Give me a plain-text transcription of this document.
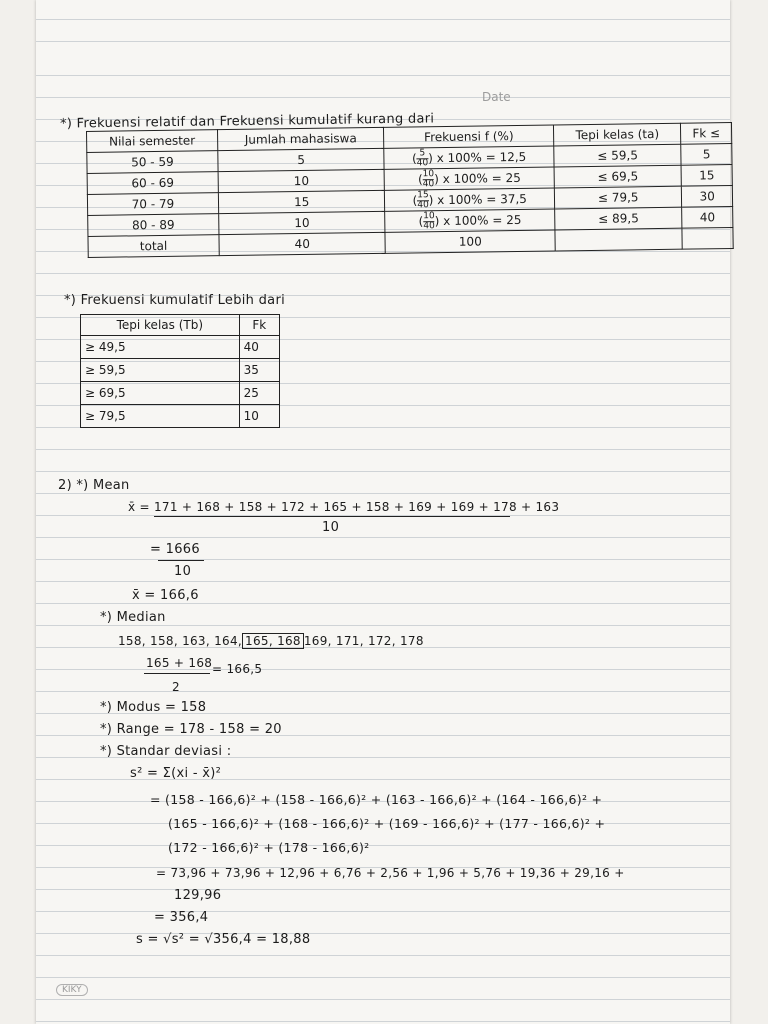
Date
*) Frekuensi relatif dan Frekuensi kumulatif kurang dari
Nilai semester	Jumlah mahasiswa	Frekuensi f (%)	Tepi kelas (ta)	Fk ≤
50 - 59	5	( $\frac{5}{40}$ ) x 100% = 12,5	≤ 59,5	5
60 - 69	10	( $\frac{10}{40}$ ) x 100% = 25	≤ 69,5	15
70 - 79	15	( $\frac{15}{40}$ ) x 100% = 37,5	≤ 79,5	30
80 - 89	10	( $\frac{10}{40}$ ) x 100% = 25	≤ 89,5	40
total	40	100		
*) Frekuensi kumulatif Lebih dari
Tepi kelas (Tb)	Fk
≥ 49,5	40
≥ 59,5	35
≥ 69,5	25
≥ 79,5	10
2) *) Mean
x̄ = 171 + 168 + 158 + 172 + 165 + 158 + 169 + 169 + 178 + 163
10
= 1666
10
x̄ = 166,6
*) Median
158, 158, 163, 164, 165, 168 169, 171, 172, 178
165 + 168 = 166,5
2
*) Modus = 158
*) Range = 178 - 158 = 20
*) Standar deviasi :
s² = Σ(xi - x̄)²
= (158 - 166,6)² + (158 - 166,6)² + (163 - 166,6)² + (164 - 166,6)² +
(165 - 166,6)² + (168 - 166,6)² + (169 - 166,6)² + (177 - 166,6)² +
(172 - 166,6)² + (178 - 166,6)²
= 73,96 + 73,96 + 12,96 + 6,76 + 2,56 + 1,96 + 5,76 + 19,36 + 29,16 +
129,96
= 356,4
s = √s² = √356,4 = 18,88
KIKY
